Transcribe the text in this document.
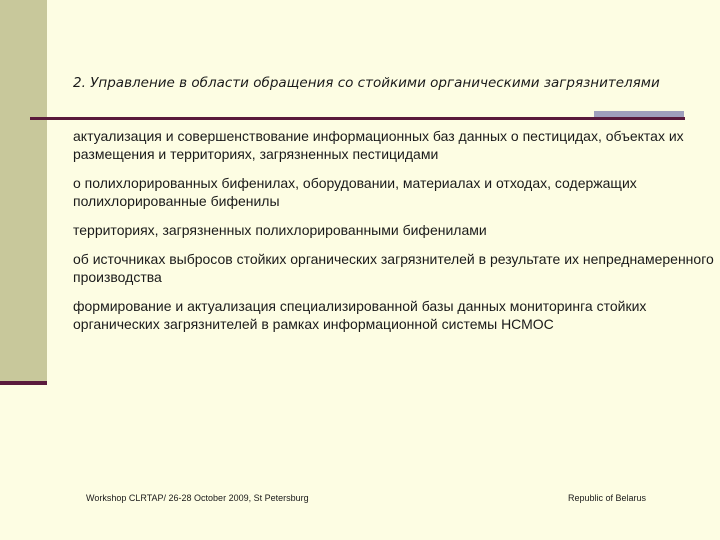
2. Управление в области обращения со стойкими органическими загрязнителями
актуализация и совершенствование информационных баз данных о пестицидах, объектах их размещения и территориях, загрязненных пестицидами
о полихлорированных бифенилах, оборудовании, материалах и отходах, содержащих полихлорированные бифенилы
территориях, загрязненных полихлорированными бифенилами
об источниках выбросов стойких органических загрязнителей в результате их непреднамеренного производства
формирование и актуализация специализированной базы данных мониторинга стойких органических загрязнителей в рамках информационной системы НСМОС
Workshop CLRTAP/ 26-28 October 2009, St Petersburg	Republic of Belarus
